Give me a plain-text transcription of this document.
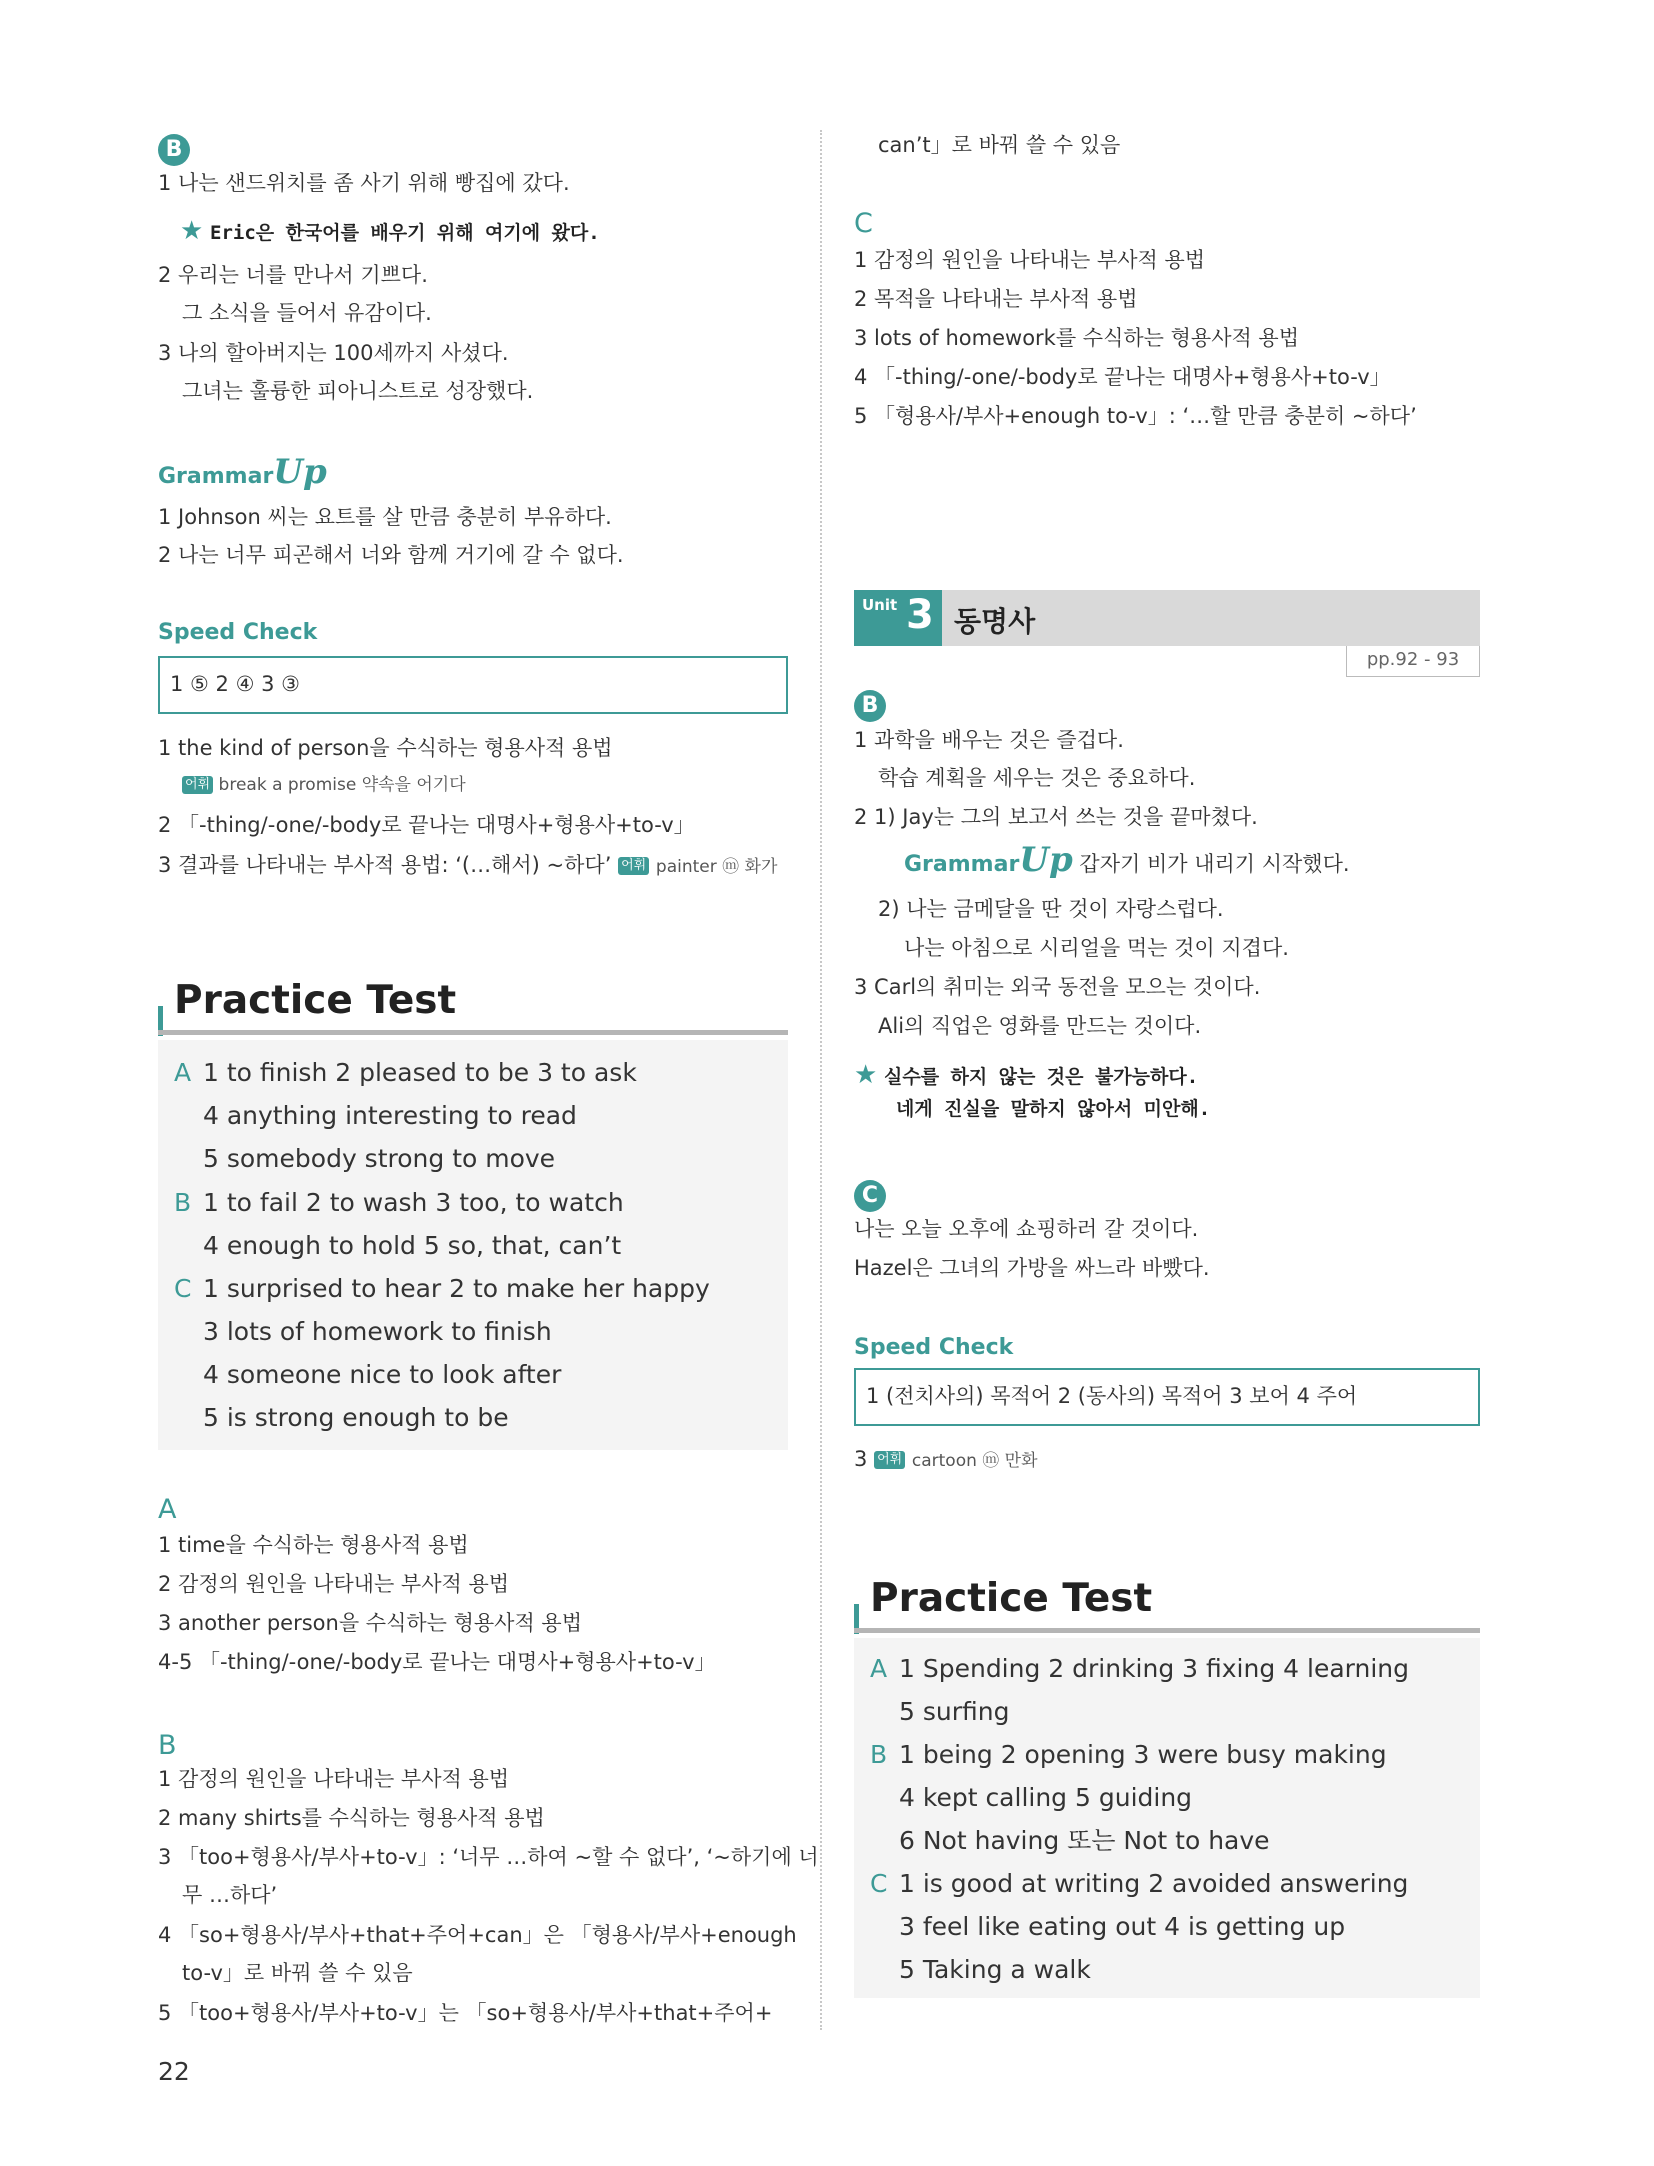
B
1 나는 샌드위치를 좀 사기 위해 빵집에 갔다.
★ Eric은 한국어를 배우기 위해 여기에 왔다.
2 우리는 너를 만나서 기쁘다.
그 소식을 들어서 유감이다.
3 나의 할아버지는 100세까지 사셨다.
그녀는 훌륭한 피아니스트로 성장했다.
GrammarUp
1 Johnson 씨는 요트를 살 만큼 충분히 부유하다.
2 나는 너무 피곤해서 너와 함께 거기에 갈 수 없다.
Speed Check
1 ⑤ 2 ④ 3 ③
1 the kind of person을 수식하는 형용사적 용법
어휘 break a promise 약속을 어기다
2 「-thing/-one/-body로 끝나는 대명사+형용사+to-v」
3 결과를 나타내는 부사적 용법: ‘(…해서) ~하다’ 어휘 painter ⓜ 화가
Practice Test
A 1 to finish 2 pleased to be 3 to ask
4 anything interesting to read
5 somebody strong to move
B 1 to fail 2 to wash 3 too, to watch
4 enough to hold 5 so, that, can’t
C 1 surprised to hear 2 to make her happy
3 lots of homework to finish
4 someone nice to look after
5 is strong enough to be
A
1 time을 수식하는 형용사적 용법
2 감정의 원인을 나타내는 부사적 용법
3 another person을 수식하는 형용사적 용법
4-5 「-thing/-one/-body로 끝나는 대명사+형용사+to-v」
B
1 감정의 원인을 나타내는 부사적 용법
2 many shirts를 수식하는 형용사적 용법
3 「too+형용사/부사+to-v」: ‘너무 …하여 ~할 수 없다’, ‘~하기에 너
무 …하다’
4 「so+형용사/부사+that+주어+can」은 「형용사/부사+enough
to-v」로 바꿔 쓸 수 있음
5 「too+형용사/부사+to-v」는 「so+형용사/부사+that+주어+
22
can’t」로 바꿔 쓸 수 있음
C
1 감정의 원인을 나타내는 부사적 용법
2 목적을 나타내는 부사적 용법
3 lots of homework를 수식하는 형용사적 용법
4 「-thing/-one/-body로 끝나는 대명사+형용사+to-v」
5 「형용사/부사+enough to-v」: ‘…할 만큼 충분히 ~하다’
Unit 3 동명사
pp.92 - 93
B
1 과학을 배우는 것은 즐겁다.
학습 계획을 세우는 것은 중요하다.
2 1) Jay는 그의 보고서 쓰는 것을 끝마쳤다.
GrammarUp 갑자기 비가 내리기 시작했다.
2) 나는 금메달을 딴 것이 자랑스럽다.
나는 아침으로 시리얼을 먹는 것이 지겹다.
3 Carl의 취미는 외국 동전을 모으는 것이다.
Ali의 직업은 영화를 만드는 것이다.
★ 실수를 하지 않는 것은 불가능하다.
네게 진실을 말하지 않아서 미안해.
C
나는 오늘 오후에 쇼핑하러 갈 것이다.
Hazel은 그녀의 가방을 싸느라 바빴다.
Speed Check
1 (전치사의) 목적어 2 (동사의) 목적어 3 보어 4 주어
3 어휘 cartoon ⓜ 만화
Practice Test
A 1 Spending 2 drinking 3 fixing 4 learning
5 surfing
B 1 being 2 opening 3 were busy making
4 kept calling 5 guiding
6 Not having 또는 Not to have
C 1 is good at writing 2 avoided answering
3 feel like eating out 4 is getting up
5 Taking a walk
